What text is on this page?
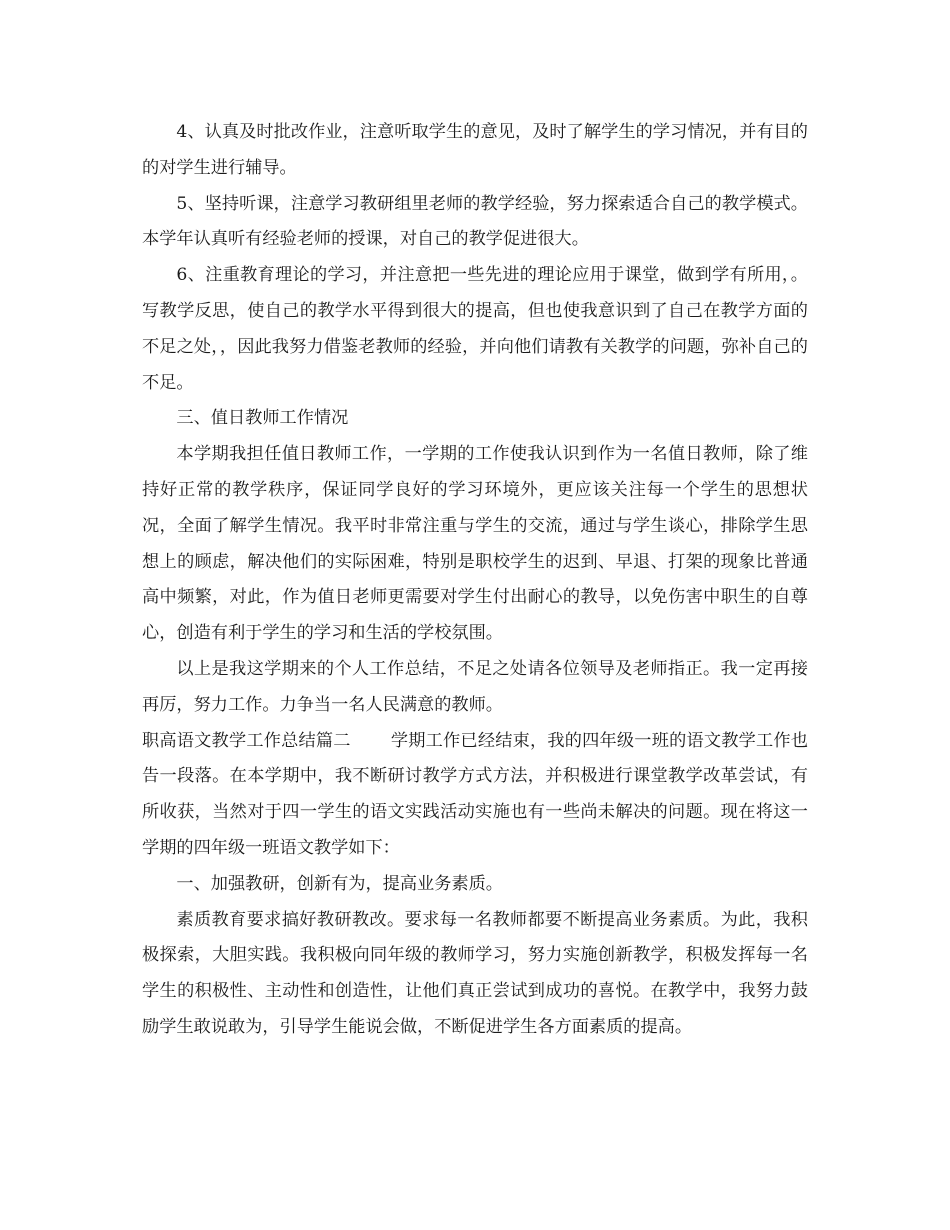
4、认真及时批改作业，注意听取学生的意见，及时了解学生的学习情况，并有目的的对学生进行辅导。

5、坚持听课，注意学习教研组里老师的教学经验，努力探索适合自己的教学模式。本学年认真听有经验老师的授课，对自己的教学促进很大。

6、注重教育理论的学习，并注意把一些先进的理论应用于课堂，做到学有所用，。写教学反思，使自己的教学水平得到很大的提高，但也使我意识到了自己在教学方面的不足之处，，因此我努力借鉴老教师的经验，并向他们请教有关教学的问题，弥补自己的不足。

三、值日教师工作情况

本学期我担任值日教师工作，一学期的工作使我认识到作为一名值日教师，除了维持好正常的教学秩序，保证同学良好的学习环境外，更应该关注每一个学生的思想状况，全面了解学生情况。我平时非常注重与学生的交流，通过与学生谈心，排除学生思想上的顾虑，解决他们的实际困难，特别是职校学生的迟到、早退、打架的现象比普通高中频繁，对此，作为值日老师更需要对学生付出耐心的教导，以免伤害中职生的自尊心，创造有利于学生的学习和生活的学校氛围。

以上是我这学期来的个人工作总结，不足之处请各位领导及老师指正。我一定再接再厉，努力工作。力争当一名人民满意的教师。

职高语文教学工作总结篇二 学期工作已经结束，我的四年级一班的语文教学工作也告一段落。在本学期中，我不断研讨教学方式方法，并积极进行课堂教学改革尝试，有所收获，当然对于四一学生的语文实践活动实施也有一些尚未解决的问题。现在将这一学期的四年级一班语文教学如下：

一、加强教研，创新有为，提高业务素质。

素质教育要求搞好教研教改。要求每一名教师都要不断提高业务素质。为此，我积极探索，大胆实践。我积极向同年级的教师学习，努力实施创新教学，积极发挥每一名学生的积极性、主动性和创造性，让他们真正尝试到成功的喜悦。在教学中，我努力鼓励学生敢说敢为，引导学生能说会做，不断促进学生各方面素质的提高。
